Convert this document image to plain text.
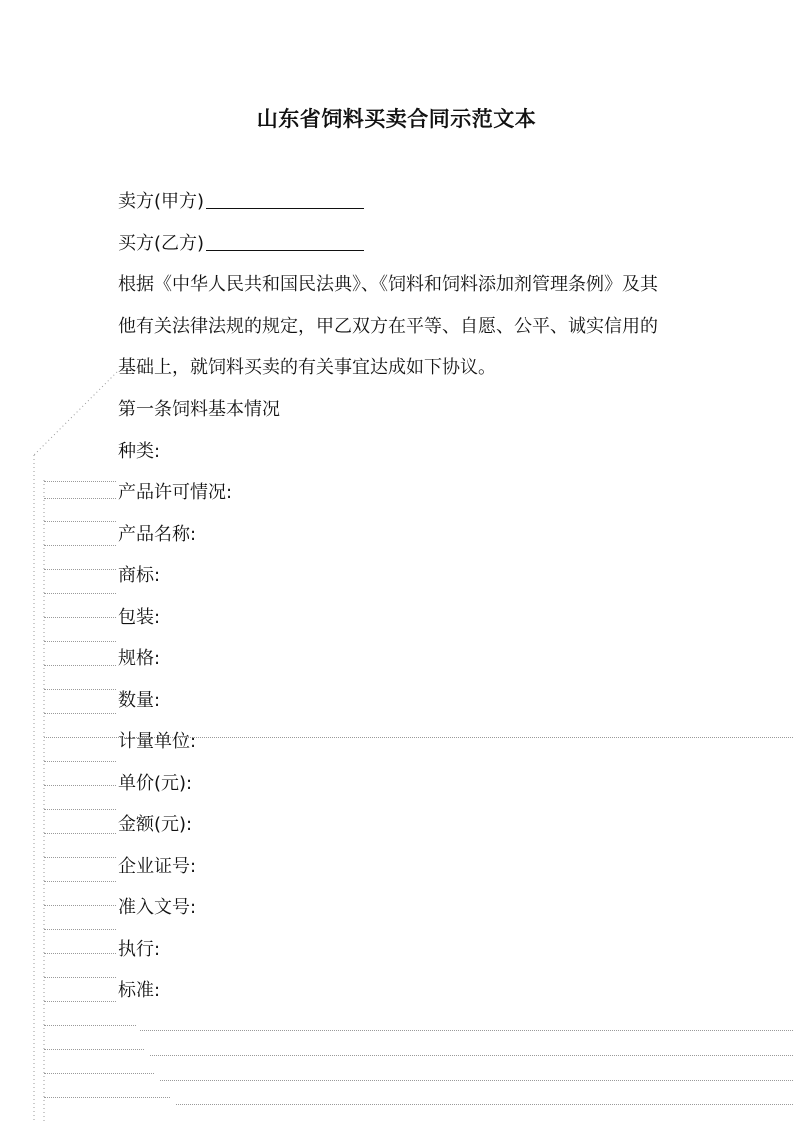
山东省饲料买卖合同示范文本

卖方(甲方)

买方(乙方)

根据《中华人民共和国民法典》、《饲料和饲料添加剂管理条例》及其

他有关法律法规的规定，甲乙双方在平等、自愿、公平、诚实信用的

基础上，就饲料买卖的有关事宜达成如下协议。

第一条饲料基本情况

种类:

产品许可情况:

产品名称:

商标:

包装:

规格:

数量:

计量单位:

单价(元):

金额(元):

企业证号:

准入文号:

执行:

标准:
